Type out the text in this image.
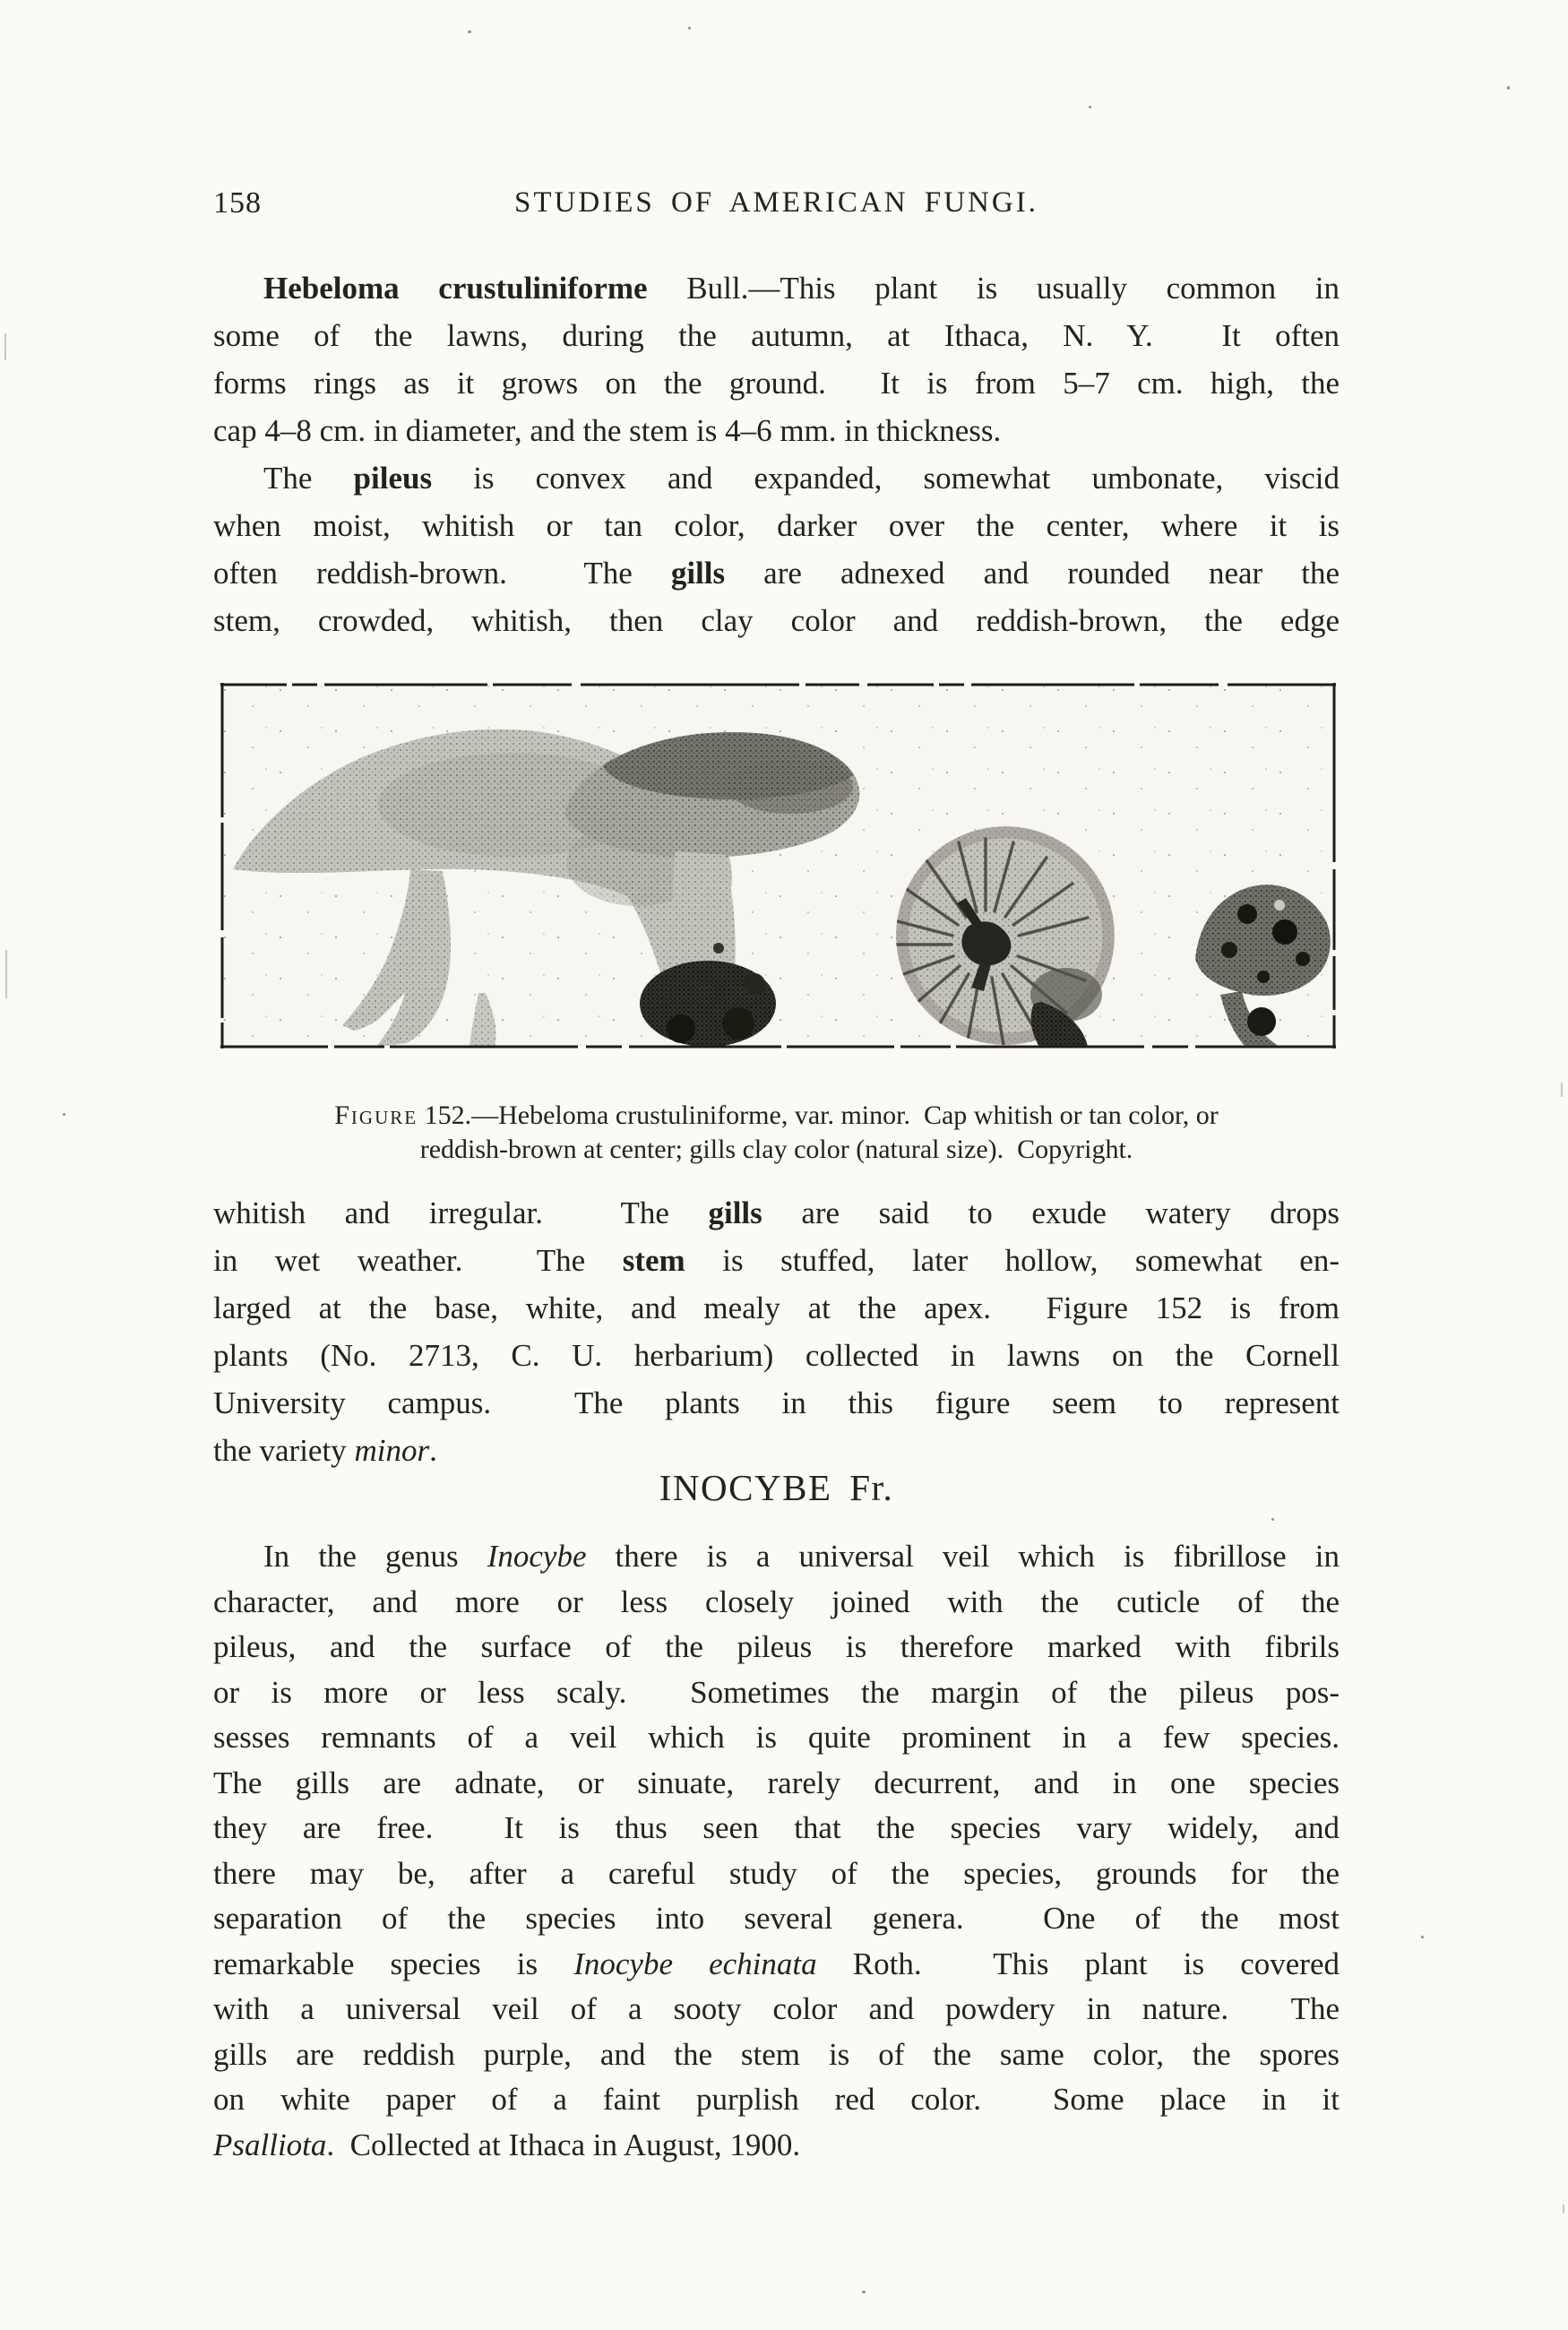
158	STUDIES OF AMERICAN FUNGI.
Hebeloma crustuliniforme Bull.—This plant is usually common in
some of the lawns, during the autumn, at Ithaca, N. Y.  It often
forms rings as it grows on the ground.  It is from 5–7 cm. high, the
cap 4–8 cm. in diameter, and the stem is 4–6 mm. in thickness.
The pileus is convex and expanded, somewhat umbonate, viscid
when moist, whitish or tan color, darker over the center, where it is
often reddish-brown.  The gills are adnexed and rounded near the
stem, crowded, whitish, then clay color and reddish-brown, the edge
Figure 152.—Hebeloma crustuliniforme, var. minor.  Cap whitish or tan color, or
reddish-brown at center; gills clay color (natural size).  Copyright.
whitish and irregular.  The gills are said to exude watery drops
in wet weather.  The stem is stuffed, later hollow, somewhat en-
larged at the base, white, and mealy at the apex.  Figure 152 is from
plants (No. 2713, C. U. herbarium) collected in lawns on the Cornell
University campus.  The plants in this figure seem to represent
the variety minor.
INOCYBE Fr.
In the genus Inocybe there is a universal veil which is fibrillose in
character, and more or less closely joined with the cuticle of the
pileus, and the surface of the pileus is therefore marked with fibrils
or is more or less scaly.  Sometimes the margin of the pileus pos-
sesses remnants of a veil which is quite prominent in a few species.
The gills are adnate, or sinuate, rarely decurrent, and in one species
they are free.  It is thus seen that the species vary widely, and
there may be, after a careful study of the species, grounds for the
separation of the species into several genera.  One of the most
remarkable species is Inocybe echinata Roth.  This plant is covered
with a universal veil of a sooty color and powdery in nature.  The
gills are reddish purple, and the stem is of the same color, the spores
on white paper of a faint purplish red color.  Some place in it
Psalliota.  Collected at Ithaca in August, 1900.
